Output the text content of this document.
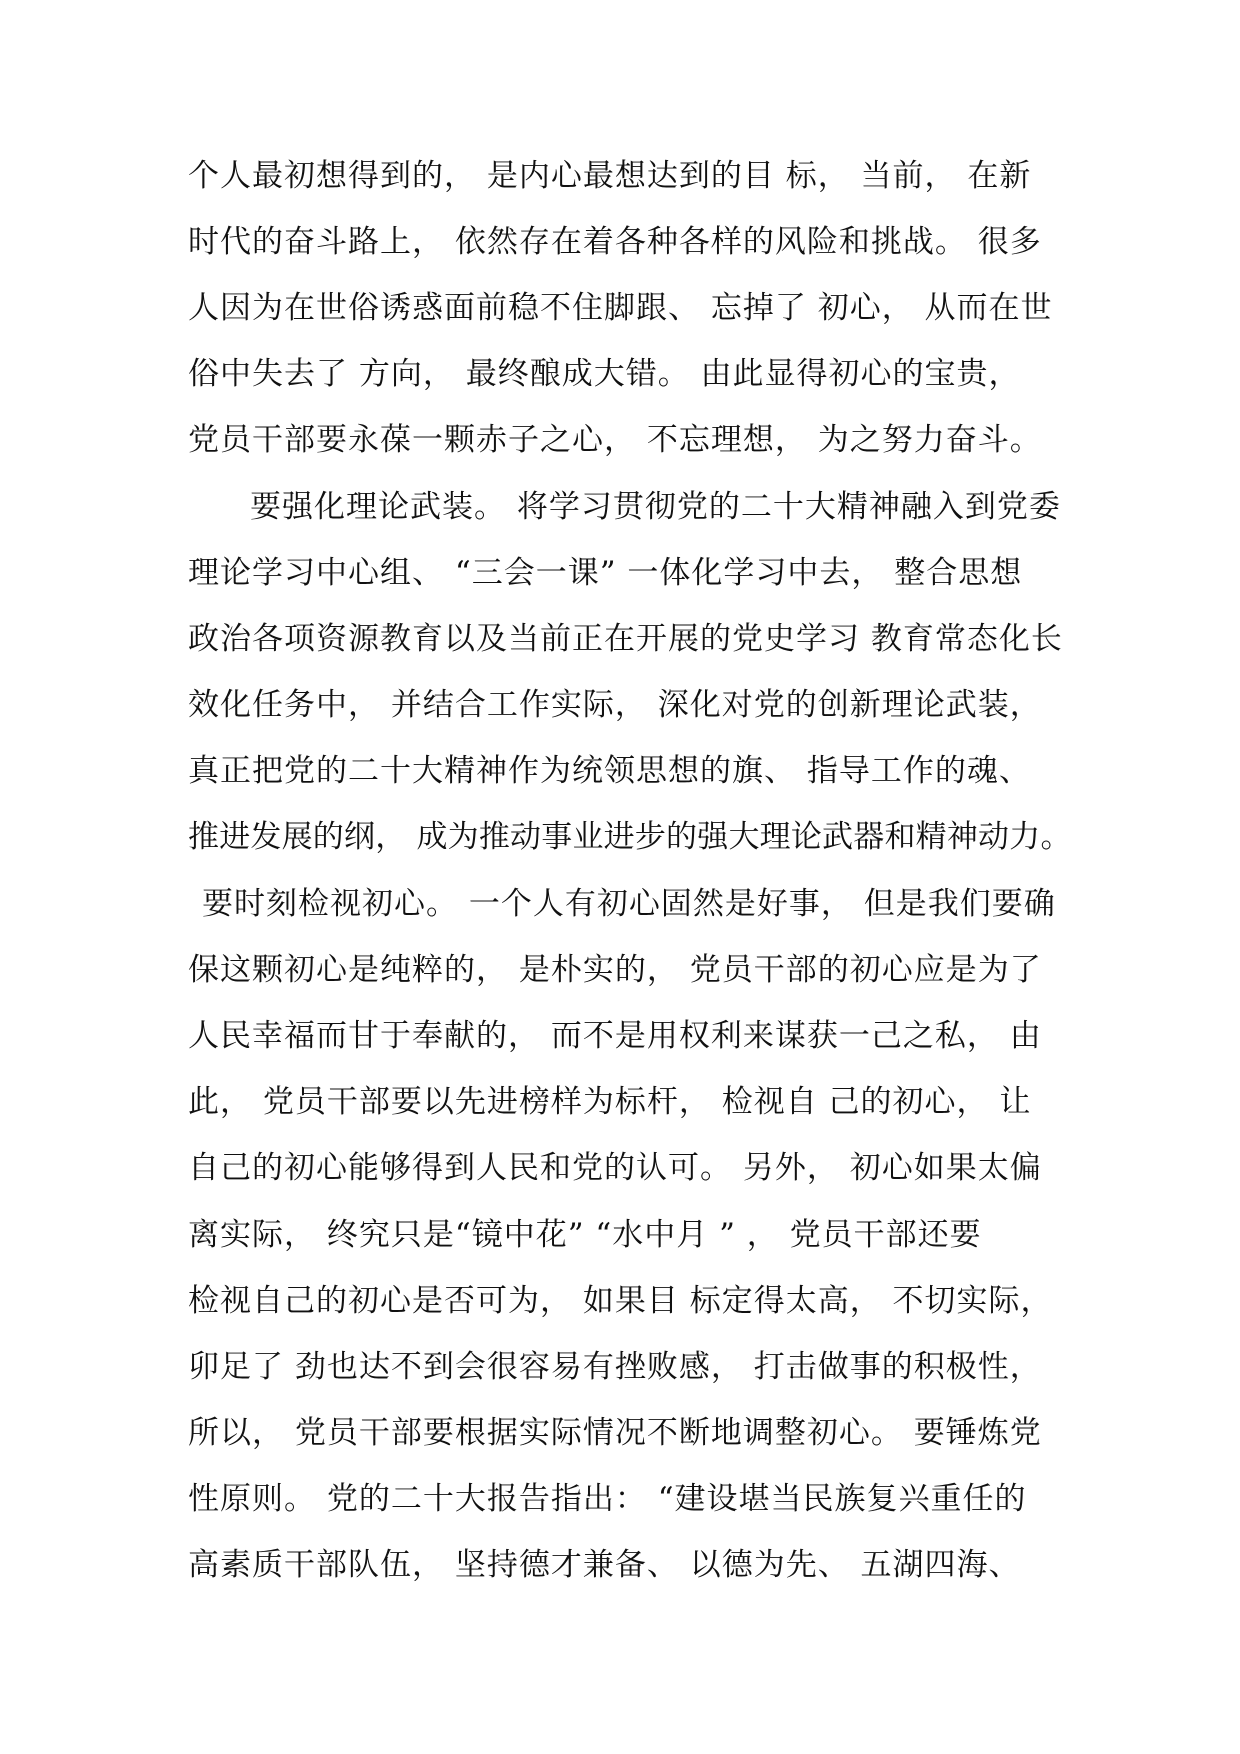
个人最初想得到的， 是内心最想达到的目 标， 当前， 在新
时代的奋斗路上， 依然存在着各种各样的风险和挑战。 很多
人因为在世俗诱惑面前稳不住脚跟、 忘掉了 初心， 从而在世
俗中失去了 方向， 最终酿成大错。 由此显得初心的宝贵，
党员干部要永葆一颗赤子之心， 不忘理想， 为之努力奋斗。
要强化理论武装。 将学习贯彻党的二十大精神融入到党委
理论学习中心组、 “三会一课” 一体化学习中去， 整合思想
政治各项资源教育以及当前正在开展的党史学习 教育常态化长
效化任务中， 并结合工作实际， 深化对党的创新理论武装，
真正把党的二十大精神作为统领思想的旗、 指导工作的魂、
推进发展的纲， 成为推动事业进步的强大理论武器和精神动力。
要时刻检视初心。 一个人有初心固然是好事， 但是我们要确
保这颗初心是纯粹的， 是朴实的， 党员干部的初心应是为了
人民幸福而甘于奉献的， 而不是用权利来谋获一己之私， 由
此， 党员干部要以先进榜样为标杆， 检视自 己的初心， 让
自己的初心能够得到人民和党的认可。 另外， 初心如果太偏
离实际， 终究只是“镜中花” “水中月 ” ， 党员干部还要
检视自己的初心是否可为， 如果目 标定得太高， 不切实际，
卯足了 劲也达不到会很容易有挫败感， 打击做事的积极性，
所以， 党员干部要根据实际情况不断地调整初心。 要锤炼党
性原则。 党的二十大报告指出： “建设堪当民族复兴重任的
高素质干部队伍， 坚持德才兼备、 以德为先、 五湖四海、
